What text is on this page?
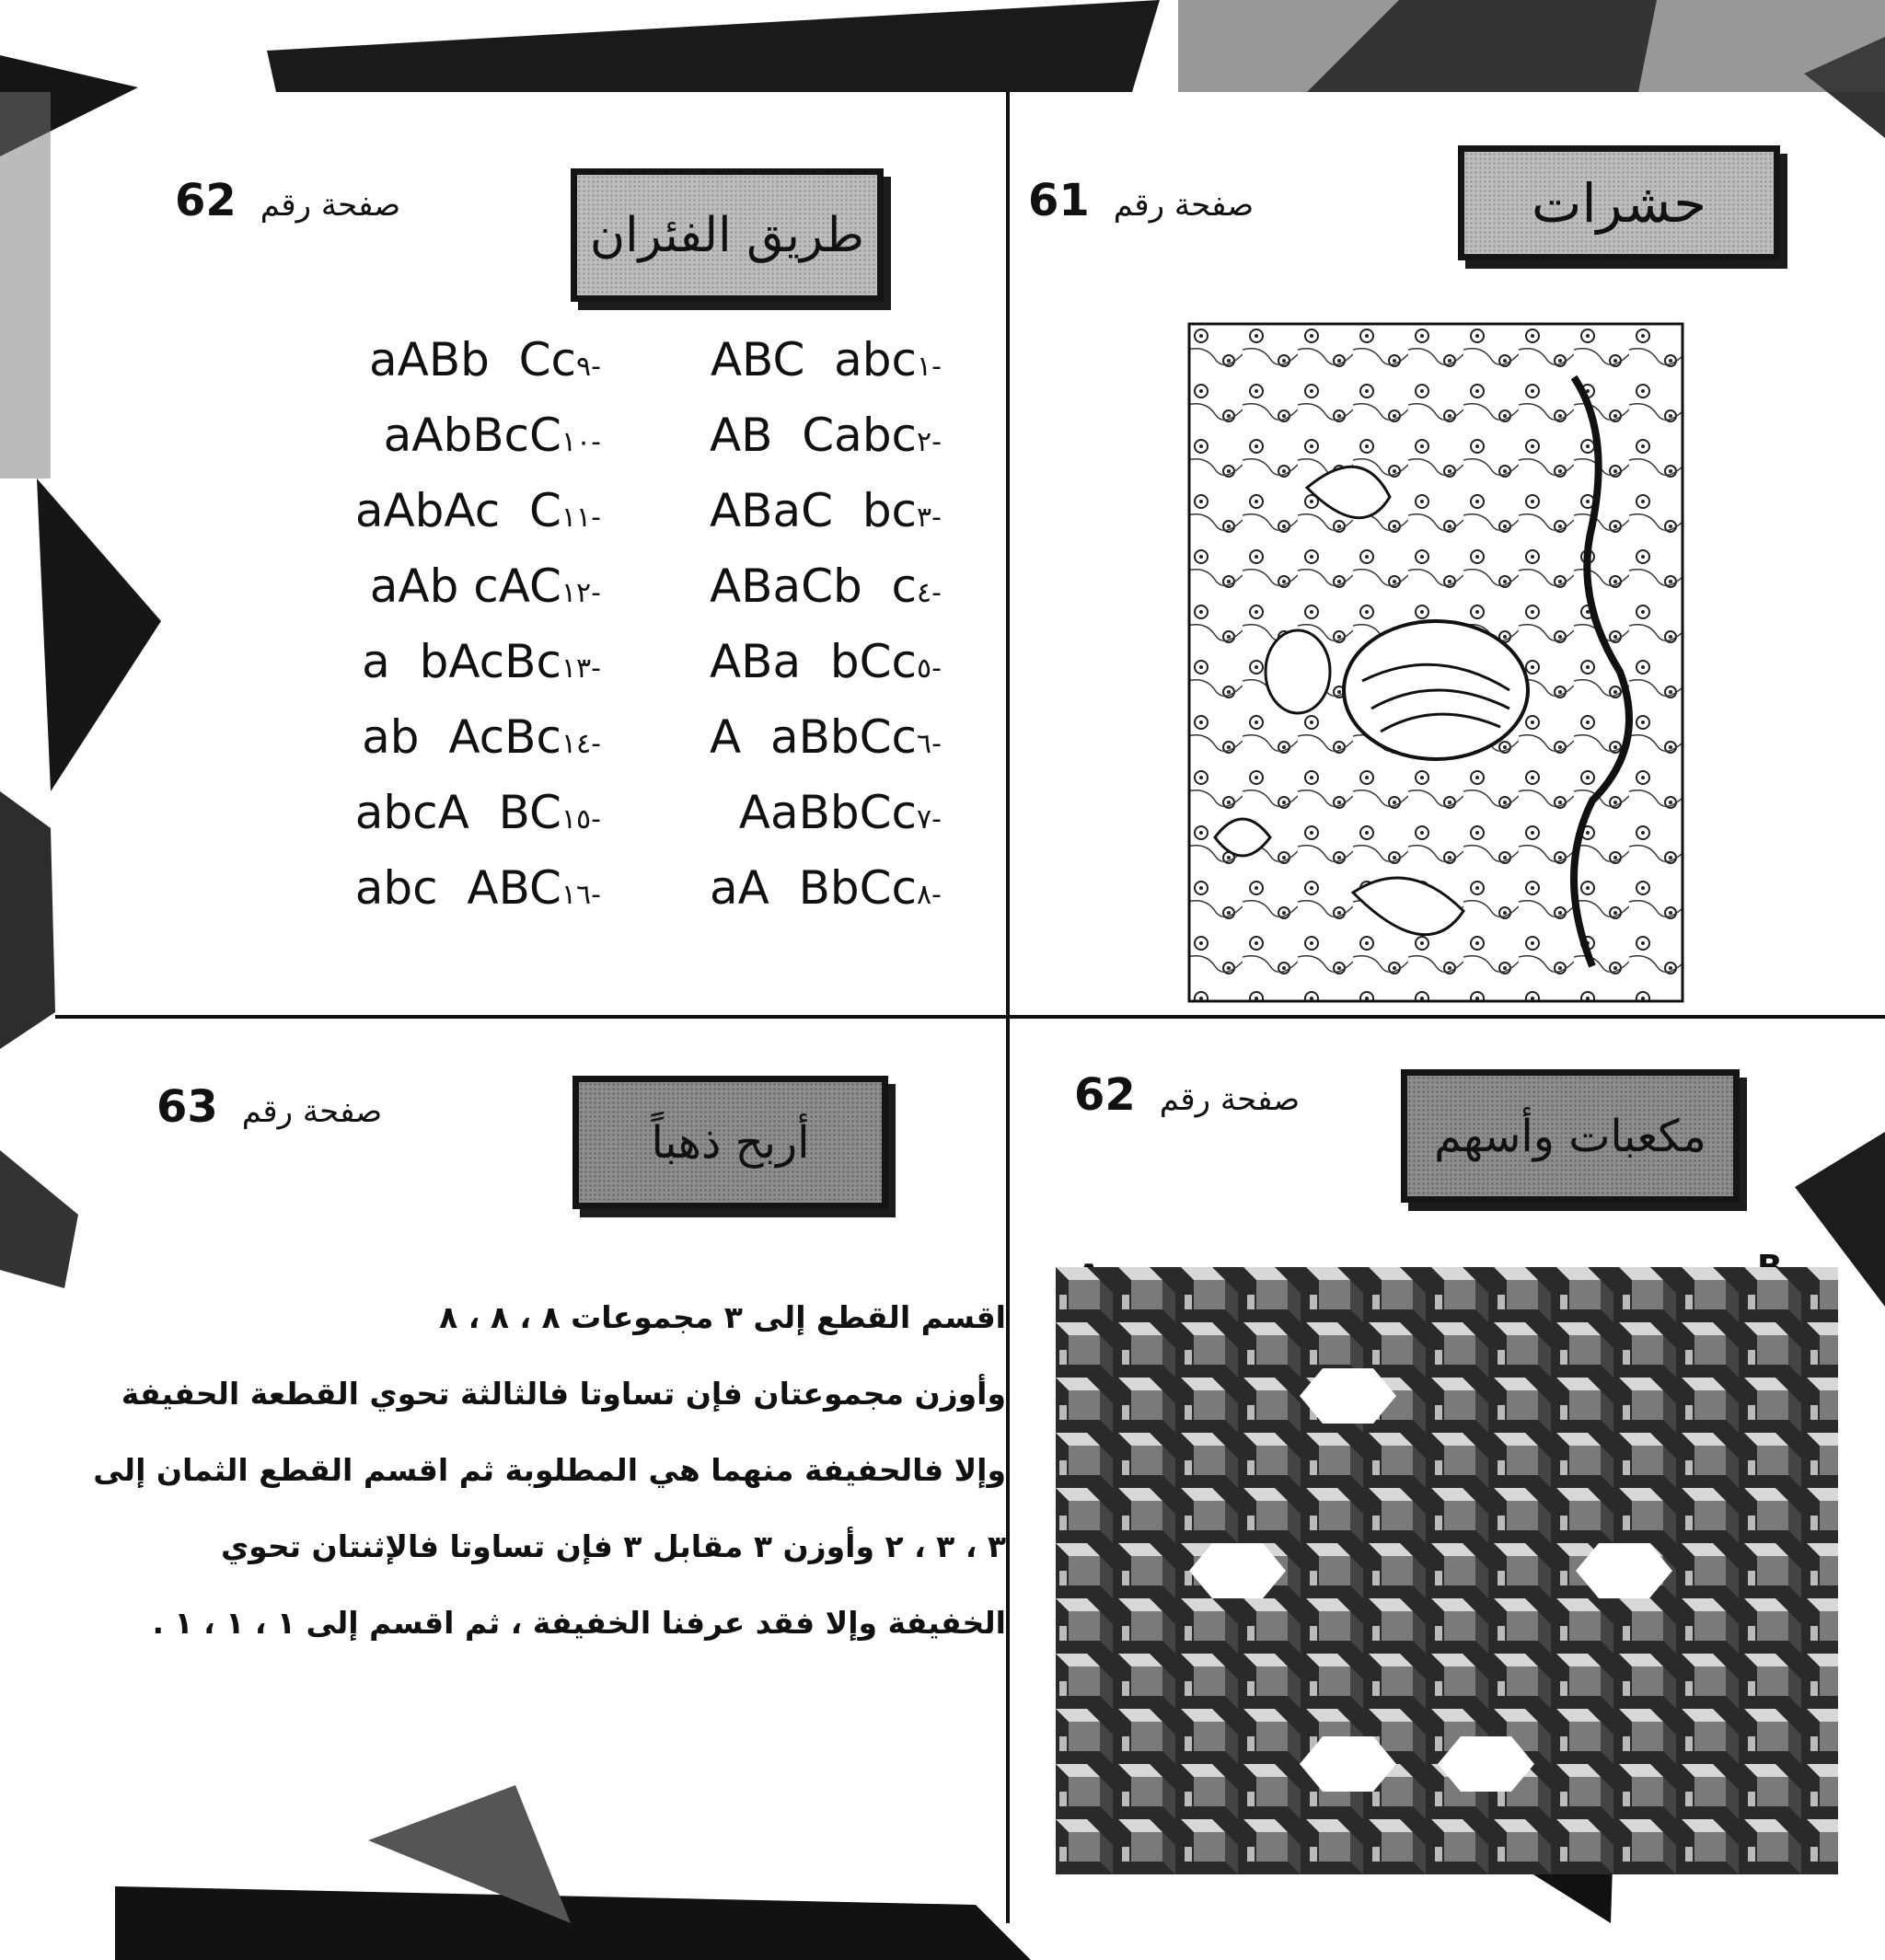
حشرات
صفحة رقم61
طريق الفئران
صفحة رقم62
-١ABC  abc
-٢AB  Cabc
-٣ABaC  bc
-٤ABaCb  c
-٥ABa  bCc
-٦A  aBbCc
-٧AaBbCc
-٨aA  BbCc
-٩aABb  Cc
-١٠aAbBcC
-١١aAbAc  C
-١٢aAb cAC
-١٣a  bAcBc
-١٤ab  AcBc
-١٥abcA  BC
-١٦abc  ABC
مكعبات وأسهم
صفحة رقم62
أربح ذهباً
صفحة رقم63

اقسم القطع إلى ٣ مجموعات ٨ ، ٨ ، ٨

وأوزن مجموعتان فإن تساوتا فالثالثة تحوي القطعة الحفيفة

وإلا فالحفيفة منهما هي المطلوبة ثم اقسم القطع الثمان إلى

٣ ، ٣ ، ٢ وأوزن ٣ مقابل ٣ فإن تساوتا فالإثنتان تحوي

الخفيفة وإلا فقد عرفنا الخفيفة ، ثم اقسم إلى ١ ، ١ ، ١ .
